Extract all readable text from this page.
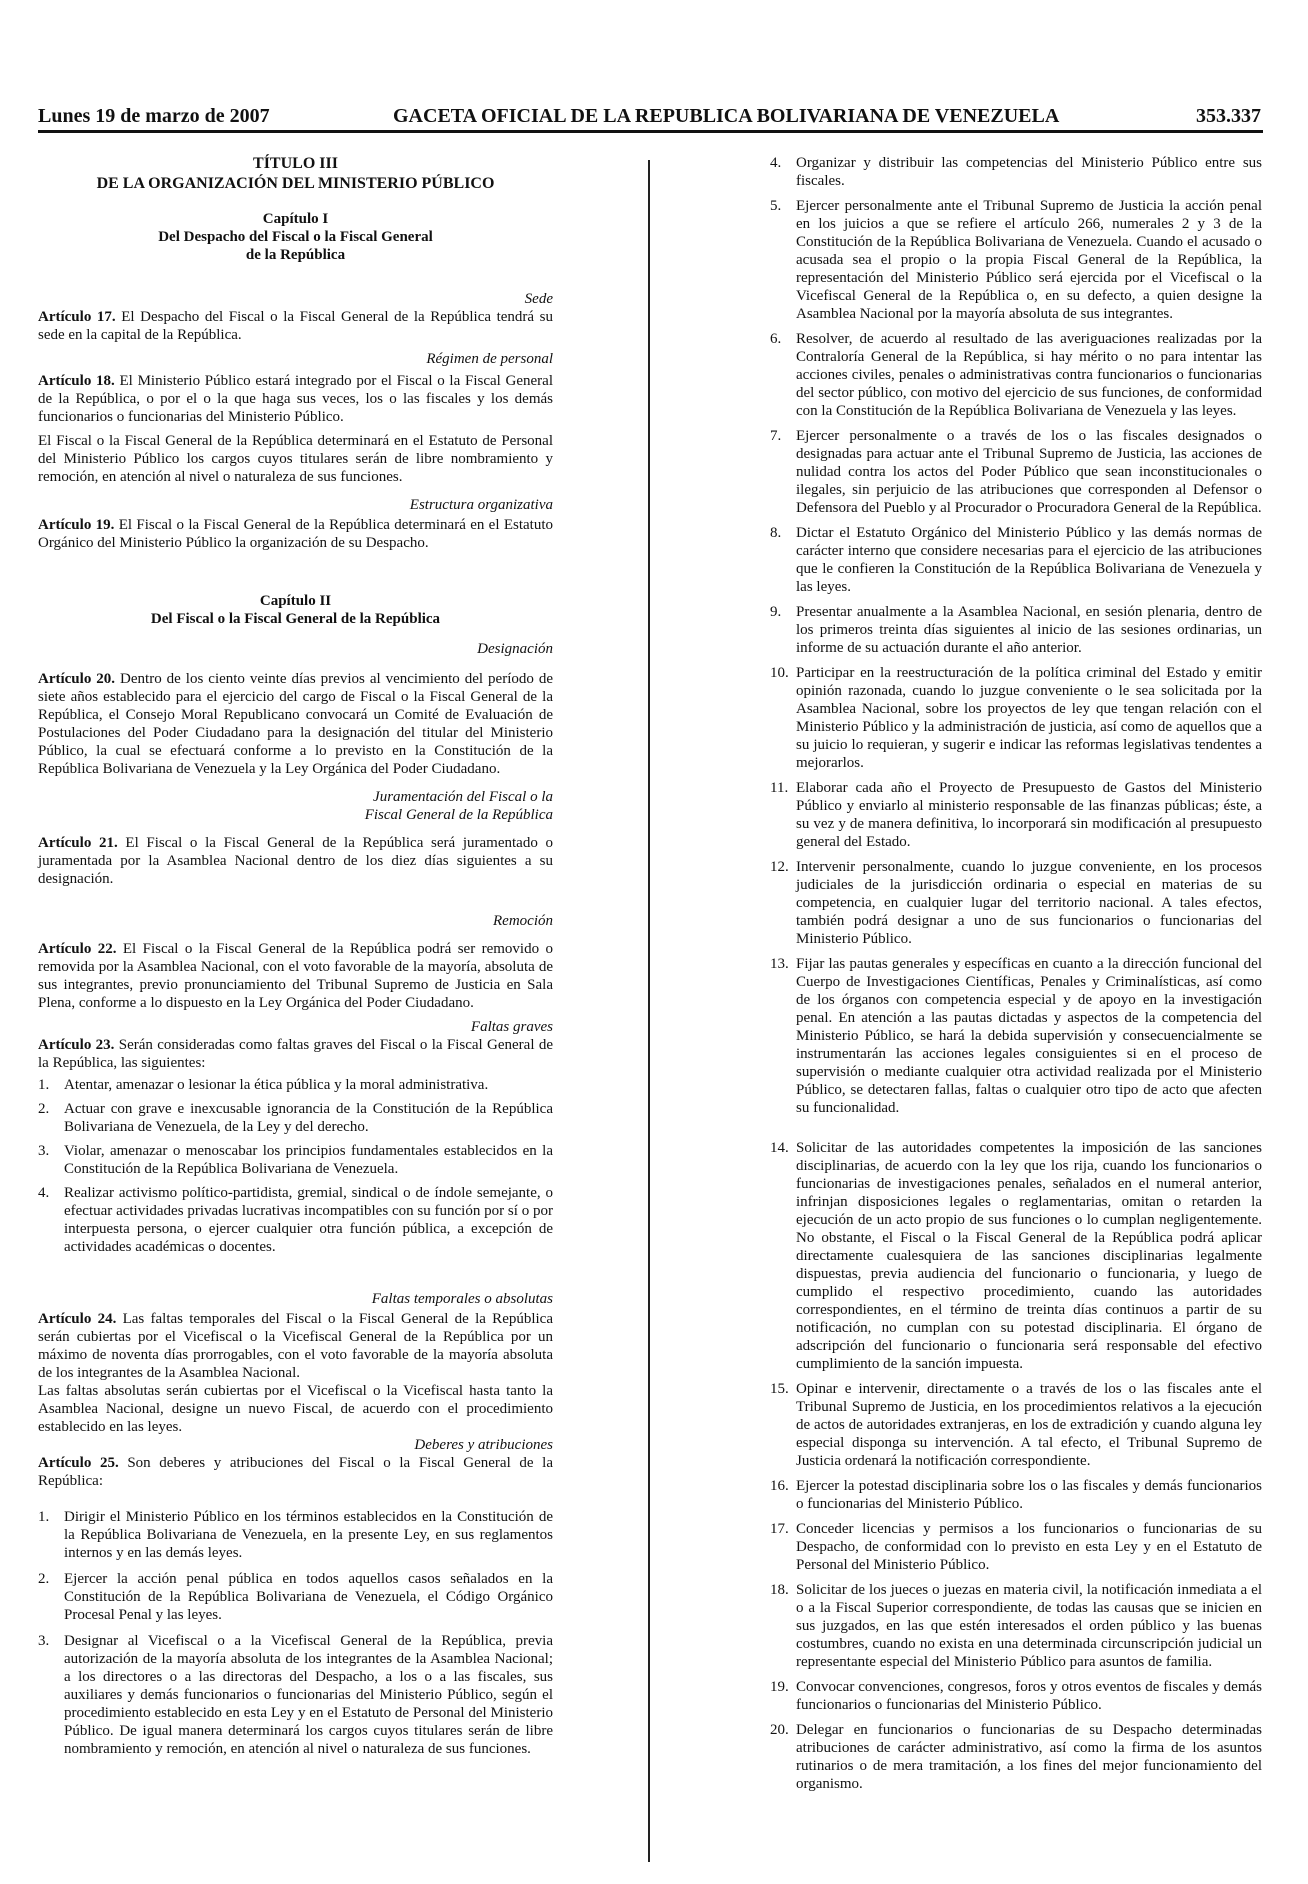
Lunes 19 de marzo de 2007	GACETA OFICIAL DE LA REPUBLICA BOLIVARIANA DE VENEZUELA	353.337
TÍTULO III
DE LA ORGANIZACIÓN DEL MINISTERIO PÚBLICO
Capítulo I
Del Despacho del Fiscal o la Fiscal General
de la República
Sede

Artículo 17. El Despacho del Fiscal o la Fiscal General de la República tendrá su sede en la capital de la República.

Régimen de personal

Artículo 18. El Ministerio Público estará integrado por el Fiscal o la Fiscal General de la República, o por el o la que haga sus veces, los o las fiscales y los demás funcionarios o funcionarias del Ministerio Público.

El Fiscal o la Fiscal General de la República determinará en el Estatuto de Personal del Ministerio Público los cargos cuyos titulares serán de libre nombramiento y remoción, en atención al nivel o naturaleza de sus funciones.

Estructura organizativa

Artículo 19. El Fiscal o la Fiscal General de la República determinará en el Estatuto Orgánico del Ministerio Público la organización de su Despacho.

Capítulo II
Del Fiscal o la Fiscal General de la República
Designación

Artículo 20. Dentro de los ciento veinte días previos al vencimiento del período de siete años establecido para el ejercicio del cargo de Fiscal o la Fiscal General de la República, el Consejo Moral Republicano convocará un Comité de Evaluación de Postulaciones del Poder Ciudadano para la designación del titular del Ministerio Público, la cual se efectuará conforme a lo previsto en la Constitución de la República Bolivariana de Venezuela y la Ley Orgánica del Poder Ciudadano.

Juramentación del Fiscal o la
Fiscal General de la República

Artículo 21. El Fiscal o la Fiscal General de la República será juramentado o juramentada por la Asamblea Nacional dentro de los diez días siguientes a su designación.

Remoción

Artículo 22. El Fiscal o la Fiscal General de la República podrá ser removido o removida por la Asamblea Nacional, con el voto favorable de la mayoría, absoluta de sus integrantes, previo pronunciamiento del Tribunal Supremo de Justicia en Sala Plena, conforme a lo dispuesto en la Ley Orgánica del Poder Ciudadano.

Faltas graves

Artículo 23. Serán consideradas como faltas graves del Fiscal o la Fiscal General de la República, las siguientes:

1. Atentar, amenazar o lesionar la ética pública y la moral administrativa.
2. Actuar con grave e inexcusable ignorancia de la Constitución de la República Bolivariana de Venezuela, de la Ley y del derecho.
3. Violar, amenazar o menoscabar los principios fundamentales establecidos en la Constitución de la República Bolivariana de Venezuela.
4. Realizar activismo político-partidista, gremial, sindical o de índole semejante, o efectuar actividades privadas lucrativas incompatibles con su función por sí o por interpuesta persona, o ejercer cualquier otra función pública, a excepción de actividades académicas o docentes.
Faltas temporales o absolutas

Artículo 24. Las faltas temporales del Fiscal o la Fiscal General de la República serán cubiertas por el Vicefiscal o la Vicefiscal General de la República por un máximo de noventa días prorrogables, con el voto favorable de la mayoría absoluta de los integrantes de la Asamblea Nacional.

Las faltas absolutas serán cubiertas por el Vicefiscal o la Vicefiscal hasta tanto la Asamblea Nacional, designe un nuevo Fiscal, de acuerdo con el procedimiento establecido en las leyes.

Deberes y atribuciones

Artículo 25. Son deberes y atribuciones del Fiscal o la Fiscal General de la República:

1. Dirigir el Ministerio Público en los términos establecidos en la Constitución de la República Bolivariana de Venezuela, en la presente Ley, en sus reglamentos internos y en las demás leyes.
2. Ejercer la acción penal pública en todos aquellos casos señalados en la Constitución de la República Bolivariana de Venezuela, el Código Orgánico Procesal Penal y las leyes.
3. Designar al Vicefiscal o a la Vicefiscal General de la República, previa autorización de la mayoría absoluta de los integrantes de la Asamblea Nacional; a los directores o a las directoras del Despacho, a los o a las fiscales, sus auxiliares y demás funcionarios o funcionarias del Ministerio Público, según el procedimiento establecido en esta Ley y en el Estatuto de Personal del Ministerio Público. De igual manera determinará los cargos cuyos titulares serán de libre nombramiento y remoción, en atención al nivel o naturaleza de sus funciones.
4. Organizar y distribuir las competencias del Ministerio Público entre sus fiscales.
5. Ejercer personalmente ante el Tribunal Supremo de Justicia la acción penal en los juicios a que se refiere el artículo 266, numerales 2 y 3 de la Constitución de la República Bolivariana de Venezuela. Cuando el acusado o acusada sea el propio o la propia Fiscal General de la República, la representación del Ministerio Público será ejercida por el Vicefiscal o la Vicefiscal General de la República o, en su defecto, a quien designe la Asamblea Nacional por la mayoría absoluta de sus integrantes.
6. Resolver, de acuerdo al resultado de las averiguaciones realizadas por la Contraloría General de la República, si hay mérito o no para intentar las acciones civiles, penales o administrativas contra funcionarios o funcionarias del sector público, con motivo del ejercicio de sus funciones, de conformidad con la Constitución de la República Bolivariana de Venezuela y las leyes.
7. Ejercer personalmente o a través de los o las fiscales designados o designadas para actuar ante el Tribunal Supremo de Justicia, las acciones de nulidad contra los actos del Poder Público que sean inconstitucionales o ilegales, sin perjuicio de las atribuciones que corresponden al Defensor o Defensora del Pueblo y al Procurador o Procuradora General de la República.
8. Dictar el Estatuto Orgánico del Ministerio Público y las demás normas de carácter interno que considere necesarias para el ejercicio de las atribuciones que le confieren la Constitución de la República Bolivariana de Venezuela y las leyes.
9. Presentar anualmente a la Asamblea Nacional, en sesión plenaria, dentro de los primeros treinta días siguientes al inicio de las sesiones ordinarias, un informe de su actuación durante el año anterior.
10. Participar en la reestructuración de la política criminal del Estado y emitir opinión razonada, cuando lo juzgue conveniente o le sea solicitada por la Asamblea Nacional, sobre los proyectos de ley que tengan relación con el Ministerio Público y la administración de justicia, así como de aquellos que a su juicio lo requieran, y sugerir e indicar las reformas legislativas tendentes a mejorarlos.
11. Elaborar cada año el Proyecto de Presupuesto de Gastos del Ministerio Público y enviarlo al ministerio responsable de las finanzas públicas; éste, a su vez y de manera definitiva, lo incorporará sin modificación al presupuesto general del Estado.
12. Intervenir personalmente, cuando lo juzgue conveniente, en los procesos judiciales de la jurisdicción ordinaria o especial en materias de su competencia, en cualquier lugar del territorio nacional. A tales efectos, también podrá designar a uno de sus funcionarios o funcionarias del Ministerio Público.
13. Fijar las pautas generales y específicas en cuanto a la dirección funcional del Cuerpo de Investigaciones Científicas, Penales y Criminalísticas, así como de los órganos con competencia especial y de apoyo en la investigación penal. En atención a las pautas dictadas y aspectos de la competencia del Ministerio Público, se hará la debida supervisión y consecuencialmente se instrumentarán las acciones legales consiguientes si en el proceso de supervisión o mediante cualquier otra actividad realizada por el Ministerio Público, se detectaren fallas, faltas o cualquier otro tipo de acto que afecten su funcionalidad.
14. Solicitar de las autoridades competentes la imposición de las sanciones disciplinarias, de acuerdo con la ley que los rija, cuando los funcionarios o funcionarias de investigaciones penales, señalados en el numeral anterior, infrinjan disposiciones legales o reglamentarias, omitan o retarden la ejecución de un acto propio de sus funciones o lo cumplan negligentemente. No obstante, el Fiscal o la Fiscal General de la República podrá aplicar directamente cualesquiera de las sanciones disciplinarias legalmente dispuestas, previa audiencia del funcionario o funcionaria, y luego de cumplido el respectivo procedimiento, cuando las autoridades correspondientes, en el término de treinta días continuos a partir de su notificación, no cumplan con su potestad disciplinaria. El órgano de adscripción del funcionario o funcionaria será responsable del efectivo cumplimiento de la sanción impuesta.
15. Opinar e intervenir, directamente o a través de los o las fiscales ante el Tribunal Supremo de Justicia, en los procedimientos relativos a la ejecución de actos de autoridades extranjeras, en los de extradición y cuando alguna ley especial disponga su intervención. A tal efecto, el Tribunal Supremo de Justicia ordenará la notificación correspondiente.
16. Ejercer la potestad disciplinaria sobre los o las fiscales y demás funcionarios o funcionarias del Ministerio Público.
17. Conceder licencias y permisos a los funcionarios o funcionarias de su Despacho, de conformidad con lo previsto en esta Ley y en el Estatuto de Personal del Ministerio Público.
18. Solicitar de los jueces o juezas en materia civil, la notificación inmediata a el o a la Fiscal Superior correspondiente, de todas las causas que se inicien en sus juzgados, en las que estén interesados el orden público y las buenas costumbres, cuando no exista en una determinada circunscripción judicial un representante especial del Ministerio Público para asuntos de familia.
19. Convocar convenciones, congresos, foros y otros eventos de fiscales y demás funcionarios o funcionarias del Ministerio Público.
20. Delegar en funcionarios o funcionarias de su Despacho determinadas atribuciones de carácter administrativo, así como la firma de los asuntos rutinarios o de mera tramitación, a los fines del mejor funcionamiento del organismo.
